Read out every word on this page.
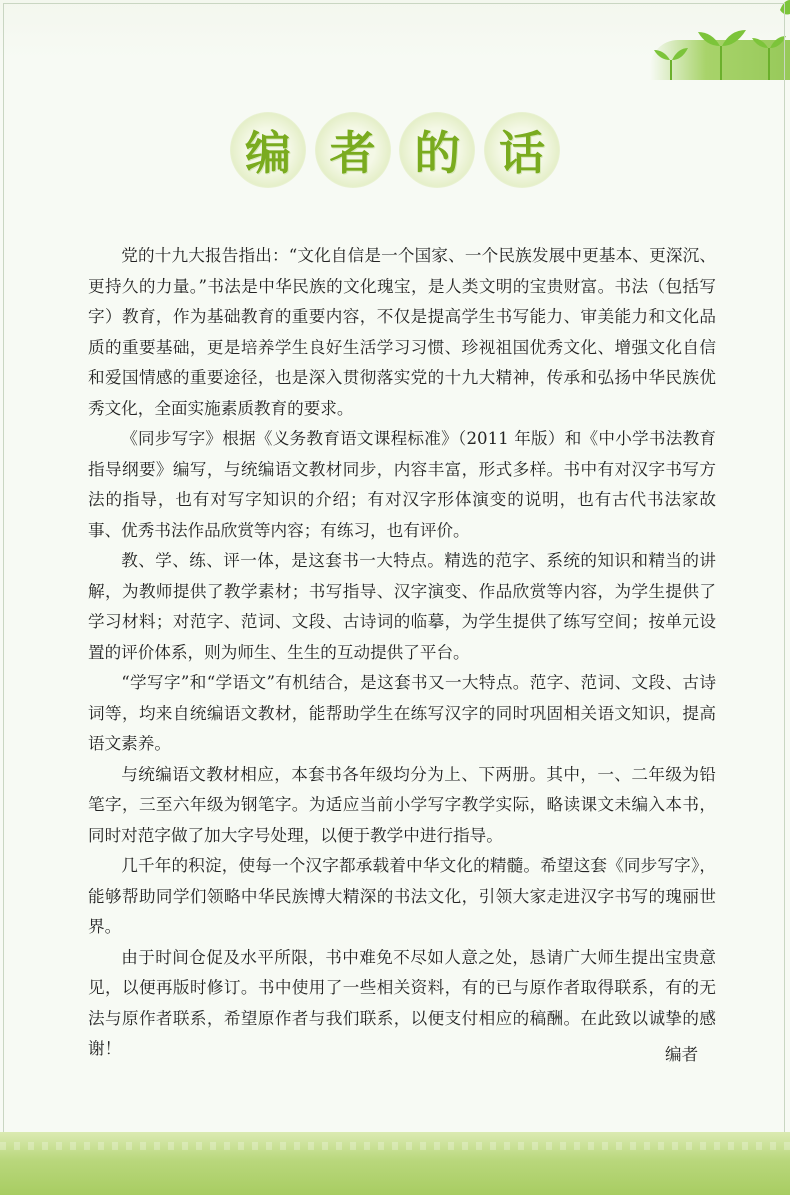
编 者 的 话

党的十九大报告指出：“文化自信是一个国家、一个民族发展中更基本、更深沉、更持久的力量。”书法是中华民族的文化瑰宝，是人类文明的宝贵财富。书法（包括写字）教育，作为基础教育的重要内容，不仅是提高学生书写能力、审美能力和文化品质的重要基础，更是培养学生良好生活学习习惯、珍视祖国优秀文化、增强文化自信和爱国情感的重要途径，也是深入贯彻落实党的十九大精神，传承和弘扬中华民族优秀文化，全面实施素质教育的要求。

《同步写字》根据《义务教育语文课程标准》（2011 年版）和《中小学书法教育指导纲要》编写，与统编语文教材同步，内容丰富，形式多样。书中有对汉字书写方法的指导，也有对写字知识的介绍；有对汉字形体演变的说明，也有古代书法家故事、优秀书法作品欣赏等内容；有练习，也有评价。

教、学、练、评一体，是这套书一大特点。精选的范字、系统的知识和精当的讲解，为教师提供了教学素材；书写指导、汉字演变、作品欣赏等内容，为学生提供了学习材料；对范字、范词、文段、古诗词的临摹，为学生提供了练写空间；按单元设置的评价体系，则为师生、生生的互动提供了平台。

“学写字”和“学语文”有机结合，是这套书又一大特点。范字、范词、文段、古诗词等，均来自统编语文教材，能帮助学生在练写汉字的同时巩固相关语文知识，提高语文素养。

与统编语文教材相应，本套书各年级均分为上、下两册。其中，一、二年级为铅笔字，三至六年级为钢笔字。为适应当前小学写字教学实际，略读课文未编入本书，同时对范字做了加大字号处理，以便于教学中进行指导。

几千年的积淀，使每一个汉字都承载着中华文化的精髓。希望这套《同步写字》，能够帮助同学们领略中华民族博大精深的书法文化，引领大家走进汉字书写的瑰丽世界。

由于时间仓促及水平所限，书中难免不尽如人意之处，恳请广大师生提出宝贵意见，以便再版时修订。书中使用了一些相关资料，有的已与原作者取得联系，有的无法与原作者联系，希望原作者与我们联系，以便支付相应的稿酬。在此致以诚挚的感谢！	编者
